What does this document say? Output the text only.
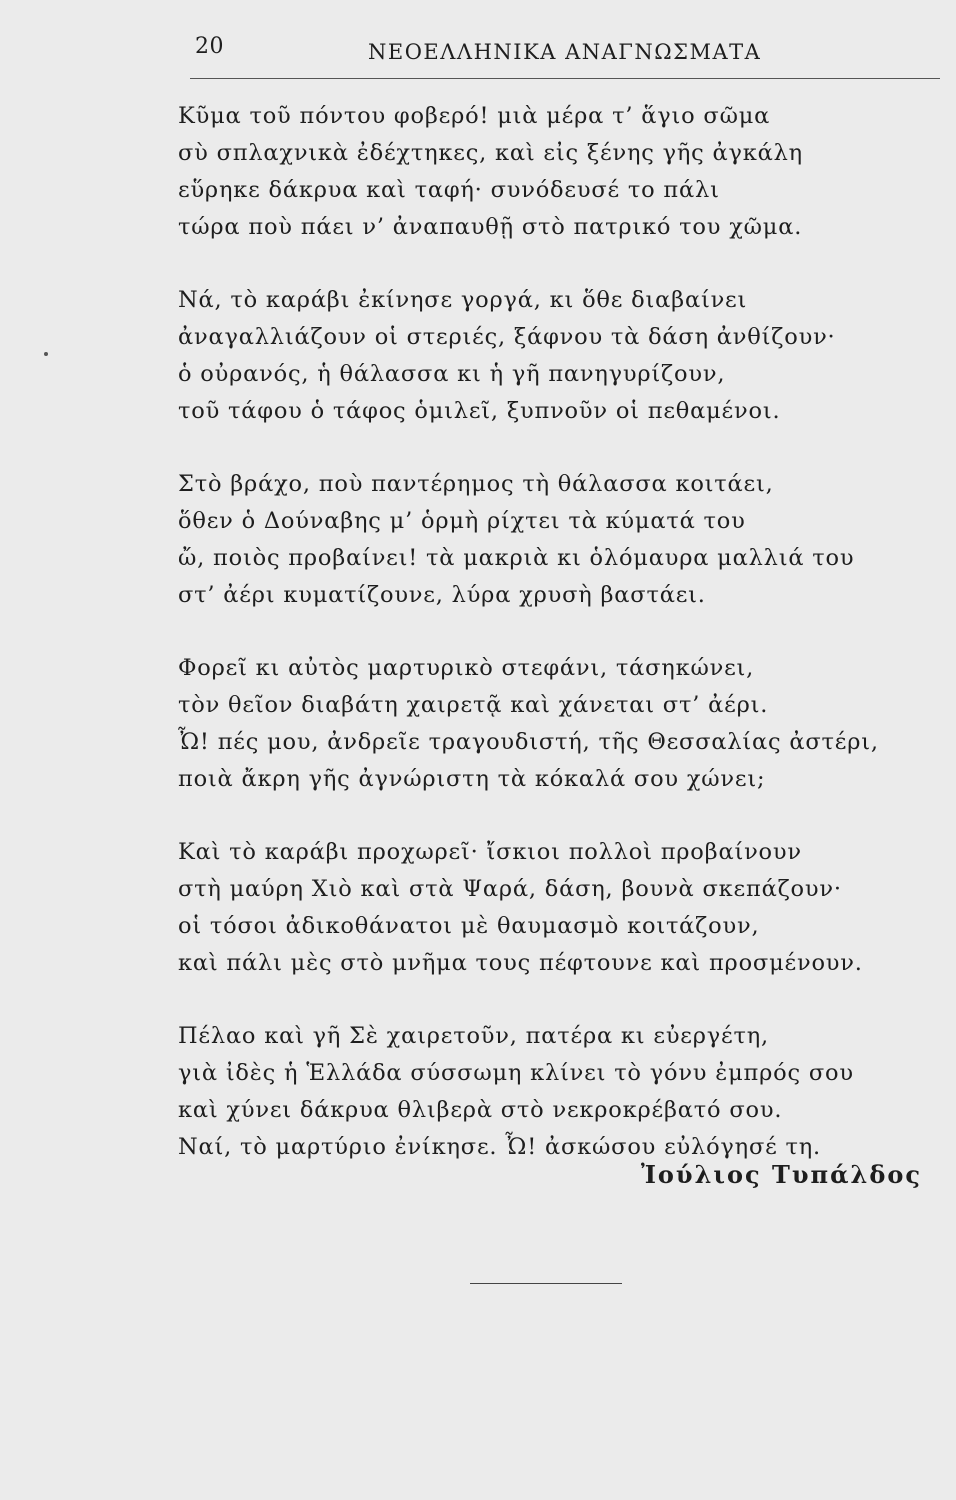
20	ΝΕΟΕΛΛΗΝΙΚΑ ΑΝΑΓΝΩΣΜΑΤΑ
Κῦμα τοῦ πόντου φοβερό! μιὰ μέρα τ’ ἅγιο σῶμα
σὺ σπλαχνικὰ ἐδέχτηκες, καὶ εἰς ξένης γῆς ἀγκάλη
εὕρηκε δάκρυα καὶ ταφή· συνόδευσέ το πάλι
τώρα ποὺ πάει ν’ ἀναπαυθῇ στὸ πατρικό του χῶμα.
Νά, τὸ καράβι ἐκίνησε γοργά, κι ὅθε διαβαίνει
ἀναγαλλιάζουν οἱ στεριές, ξάφνου τὰ δάση ἀνθίζουν·
ὁ οὐρανός, ἡ θάλασσα κι ἡ γῆ πανηγυρίζουν,
τοῦ τάφου ὁ τάφος ὁμιλεῖ, ξυπνοῦν οἱ πεθαμένοι.
Στὸ βράχο, ποὺ παντέρημος τὴ θάλασσα κοιτάει,
ὅθεν ὁ Δούναβης μ’ ὁρμὴ ρίχτει τὰ κύματά του
ὤ, ποιὸς προβαίνει! τὰ μακριὰ κι ὁλόμαυρα μαλλιά του
στ’ ἀέρι κυματίζουνε, λύρα χρυσὴ βαστάει.
Φορεῖ κι αὐτὸς μαρτυρικὸ στεφάνι, τάσηκώνει,
τὸν θεῖον διαβάτη χαιρετᾷ καὶ χάνεται στ’ ἀέρι.
Ὦ! πές μου, ἀνδρεῖε τραγουδιστή, τῆς Θεσσαλίας ἀστέρι,
ποιὰ ἄκρη γῆς ἀγνώριστη τὰ κόκαλά σου χώνει;
Καὶ τὸ καράβι προχωρεῖ· ἴσκιοι πολλοὶ προβαίνουν
στὴ μαύρη Χιὸ καὶ στὰ Ψαρά, δάση, βουνὰ σκεπάζουν·
οἱ τόσοι ἀδικοθάνατοι μὲ θαυμασμὸ κοιτάζουν,
καὶ πάλι μὲς στὸ μνῆμα τους πέφτουνε καὶ προσμένουν.
Πέλαο καὶ γῆ Σὲ χαιρετοῦν, πατέρα κι εὐεργέτη,
γιὰ ἰδὲς ἡ Ἑλλάδα σύσσωμη κλίνει τὸ γόνυ ἐμπρός σου
καὶ χύνει δάκρυα θλιβερὰ στὸ νεκροκρέβατό σου.
Ναί, τὸ μαρτύριο ἐνίκησε. Ὦ! ἀσκώσου εὐλόγησέ τη.
Ἰούλιος Τυπάλδος
